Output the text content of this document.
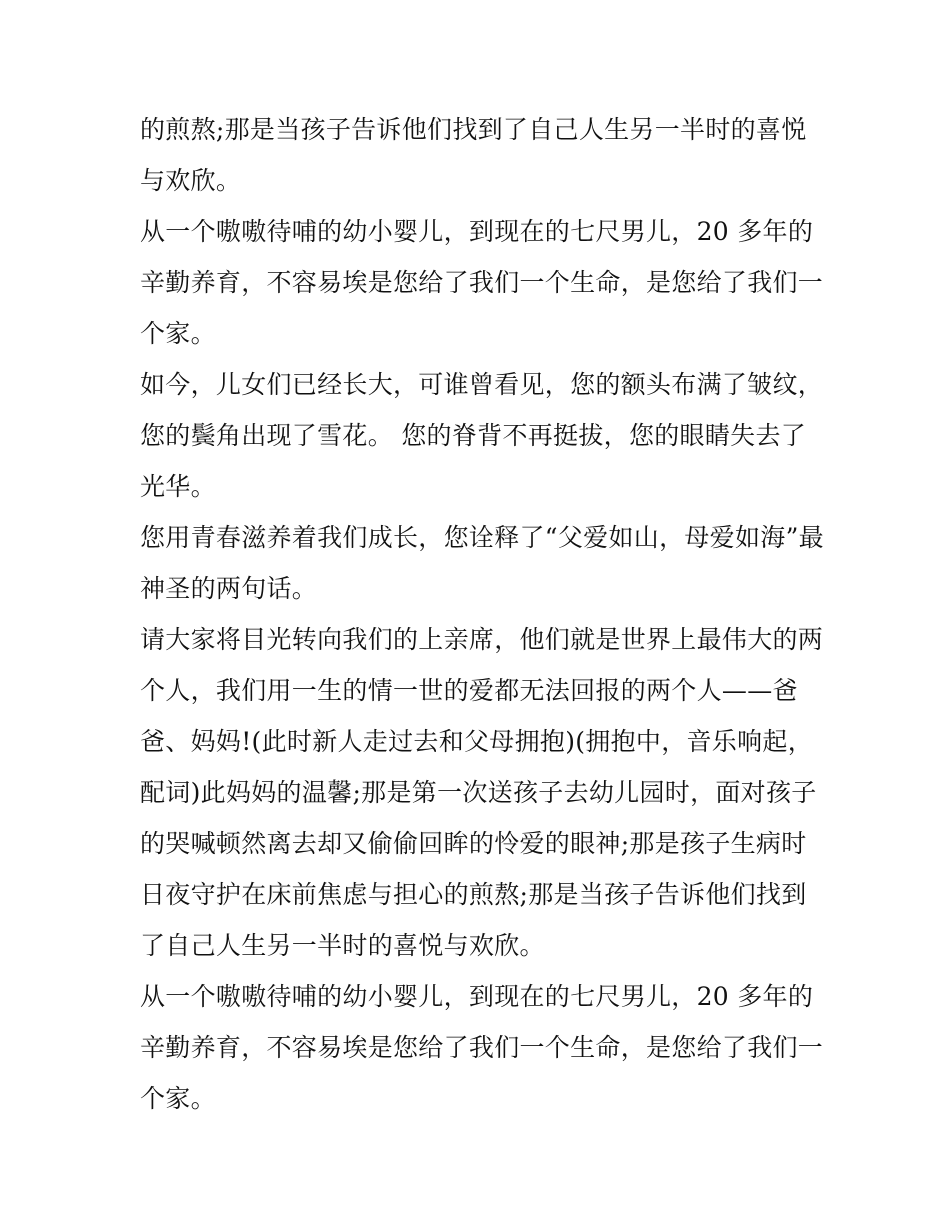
的煎熬;那是当孩子告诉他们找到了自己人生另一半时的喜悦
与欢欣。
从一个嗷嗷待哺的幼小婴儿，到现在的七尺男儿，20 多年的
辛勤养育，不容易埃是您给了我们一个生命，是您给了我们一
个家。
如今，儿女们已经长大，可谁曾看见，您的额头布满了皱纹，
您的鬓角出现了雪花。 您的脊背不再挺拔，您的眼睛失去了
光华。
您用青春滋养着我们成长，您诠释了“父爱如山，母爱如海”最
神圣的两句话。
请大家将目光转向我们的上亲席，他们就是世界上最伟大的两
个人，我们用一生的情一世的爱都无法回报的两个人——爸
爸、妈妈!(此时新人走过去和父母拥抱)(拥抱中，音乐响起，
配词)此妈妈的温馨;那是第一次送孩子去幼儿园时，面对孩子
的哭喊顿然离去却又偷偷回眸的怜爱的眼神;那是孩子生病时
日夜守护在床前焦虑与担心的煎熬;那是当孩子告诉他们找到
了自己人生另一半时的喜悦与欢欣。
从一个嗷嗷待哺的幼小婴儿，到现在的七尺男儿，20 多年的
辛勤养育，不容易埃是您给了我们一个生命，是您给了我们一
个家。
